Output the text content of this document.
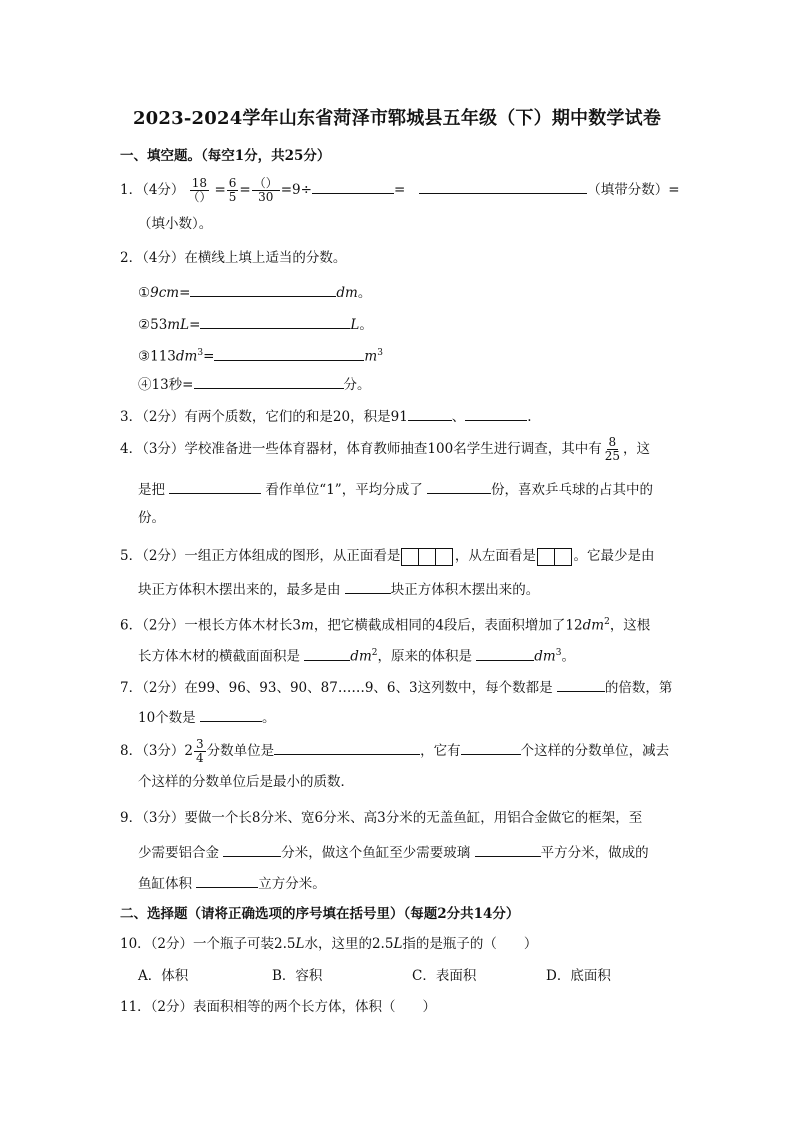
2023-2024学年山东省菏泽市郓城县五年级（下）期中数学试卷
一、填空题。（每空1分，共25分）
1．（4分） $\frac{18}{()} = \frac{6}{5} = \frac{()}{30} =9\div$	=	（填带分数）=
（填小数）。
2．（4分）在横线上填上适当的分数。
①9cm=	dm。
②53mL=	L。
$③113dm^3=$	$m^3$
④13秒=	分。
3．（2分）有两个质数，它们的和是20，积是91	、	.
4．（3分）学校准备进一些体育器材，体育教师抽查100名学生进行调查，其中有 $\frac{8}{25}$ ，这
是把	看作单位“1”，平均分成了	份，喜欢乒乓球的占其中的
份。
5．（2分）一组正方体组成的图形，从正面看是	，从左面看是	。它最少是由
块正方体积木摆出来的，最多是由	块正方体积木摆出来的。
6．（2分）一根长方体木材长3m，把它横截成相同的4段后，表面积增加了$12dm^2$，这根
长方体木材的横截面面积是	$dm^2$，原来的体积是	$dm^3$。
7．（2分）在99、96、93、90、87……9、6、3这列数中，每个数都是	的倍数，第
10个数是	。
8．（3分）$2 \frac{3}{4}$ 分数单位是	，它有	个这样的分数单位，减去
个这样的分数单位后是最小的质数．
9．（3分）要做一个长8分米、宽6分米、高3分米的无盖鱼缸，用铝合金做它的框架，至
少需要铝合金	分米，做这个鱼缸至少需要玻璃	平方分米，做成的
鱼缸体积	立方分米。
二、选择题（请将正确选项的序号填在括号里）（每题2分共14分）
10．（2分）一个瓶子可装2.5L水，这里的2.5L指的是瓶子的（　　）
A．体积	B．容积	C．表面积	D．底面积
11．（2分）表面积相等的两个长方体，体积（　　）
